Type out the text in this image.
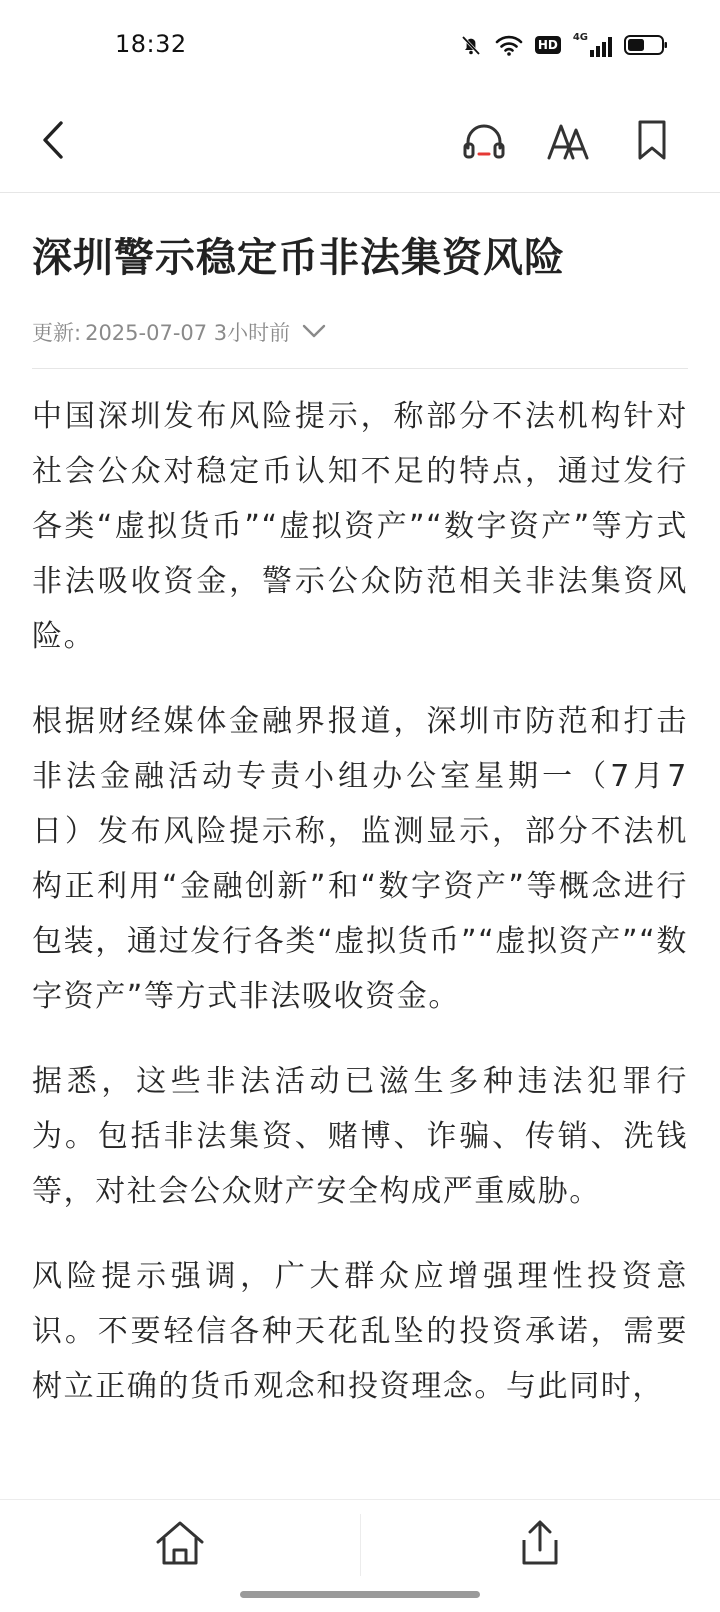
18:32	HD
4G
深圳警示稳定币非法集资风险
更新: 2025-07-07 3小时前

中国深圳发布风险提示，称部分不法机构针对社会公众对稳定币认知不足的特点，通过发行各类“虚拟货币”“虚拟资产”“数字资产”等方式非法吸收资金，警示公众防范相关非法集资风险。

根据财经媒体金融界报道，深圳市防范和打击非法金融活动专责小组办公室星期一（7月7日）发布风险提示称，监测显示，部分不法机构正利用“金融创新”和“数字资产”等概念进行包装，通过发行各类“虚拟货币”“虚拟资产”“数字资产”等方式非法吸收资金。

据悉，这些非法活动已滋生多种违法犯罪行为。包括非法集资、赌博、诈骗、传销、洗钱等，对社会公众财产安全构成严重威胁。

风险提示强调，广大群众应增强理性投资意识。不要轻信各种天花乱坠的投资承诺，需要树立正确的货币观念和投资理念。与此同时，
